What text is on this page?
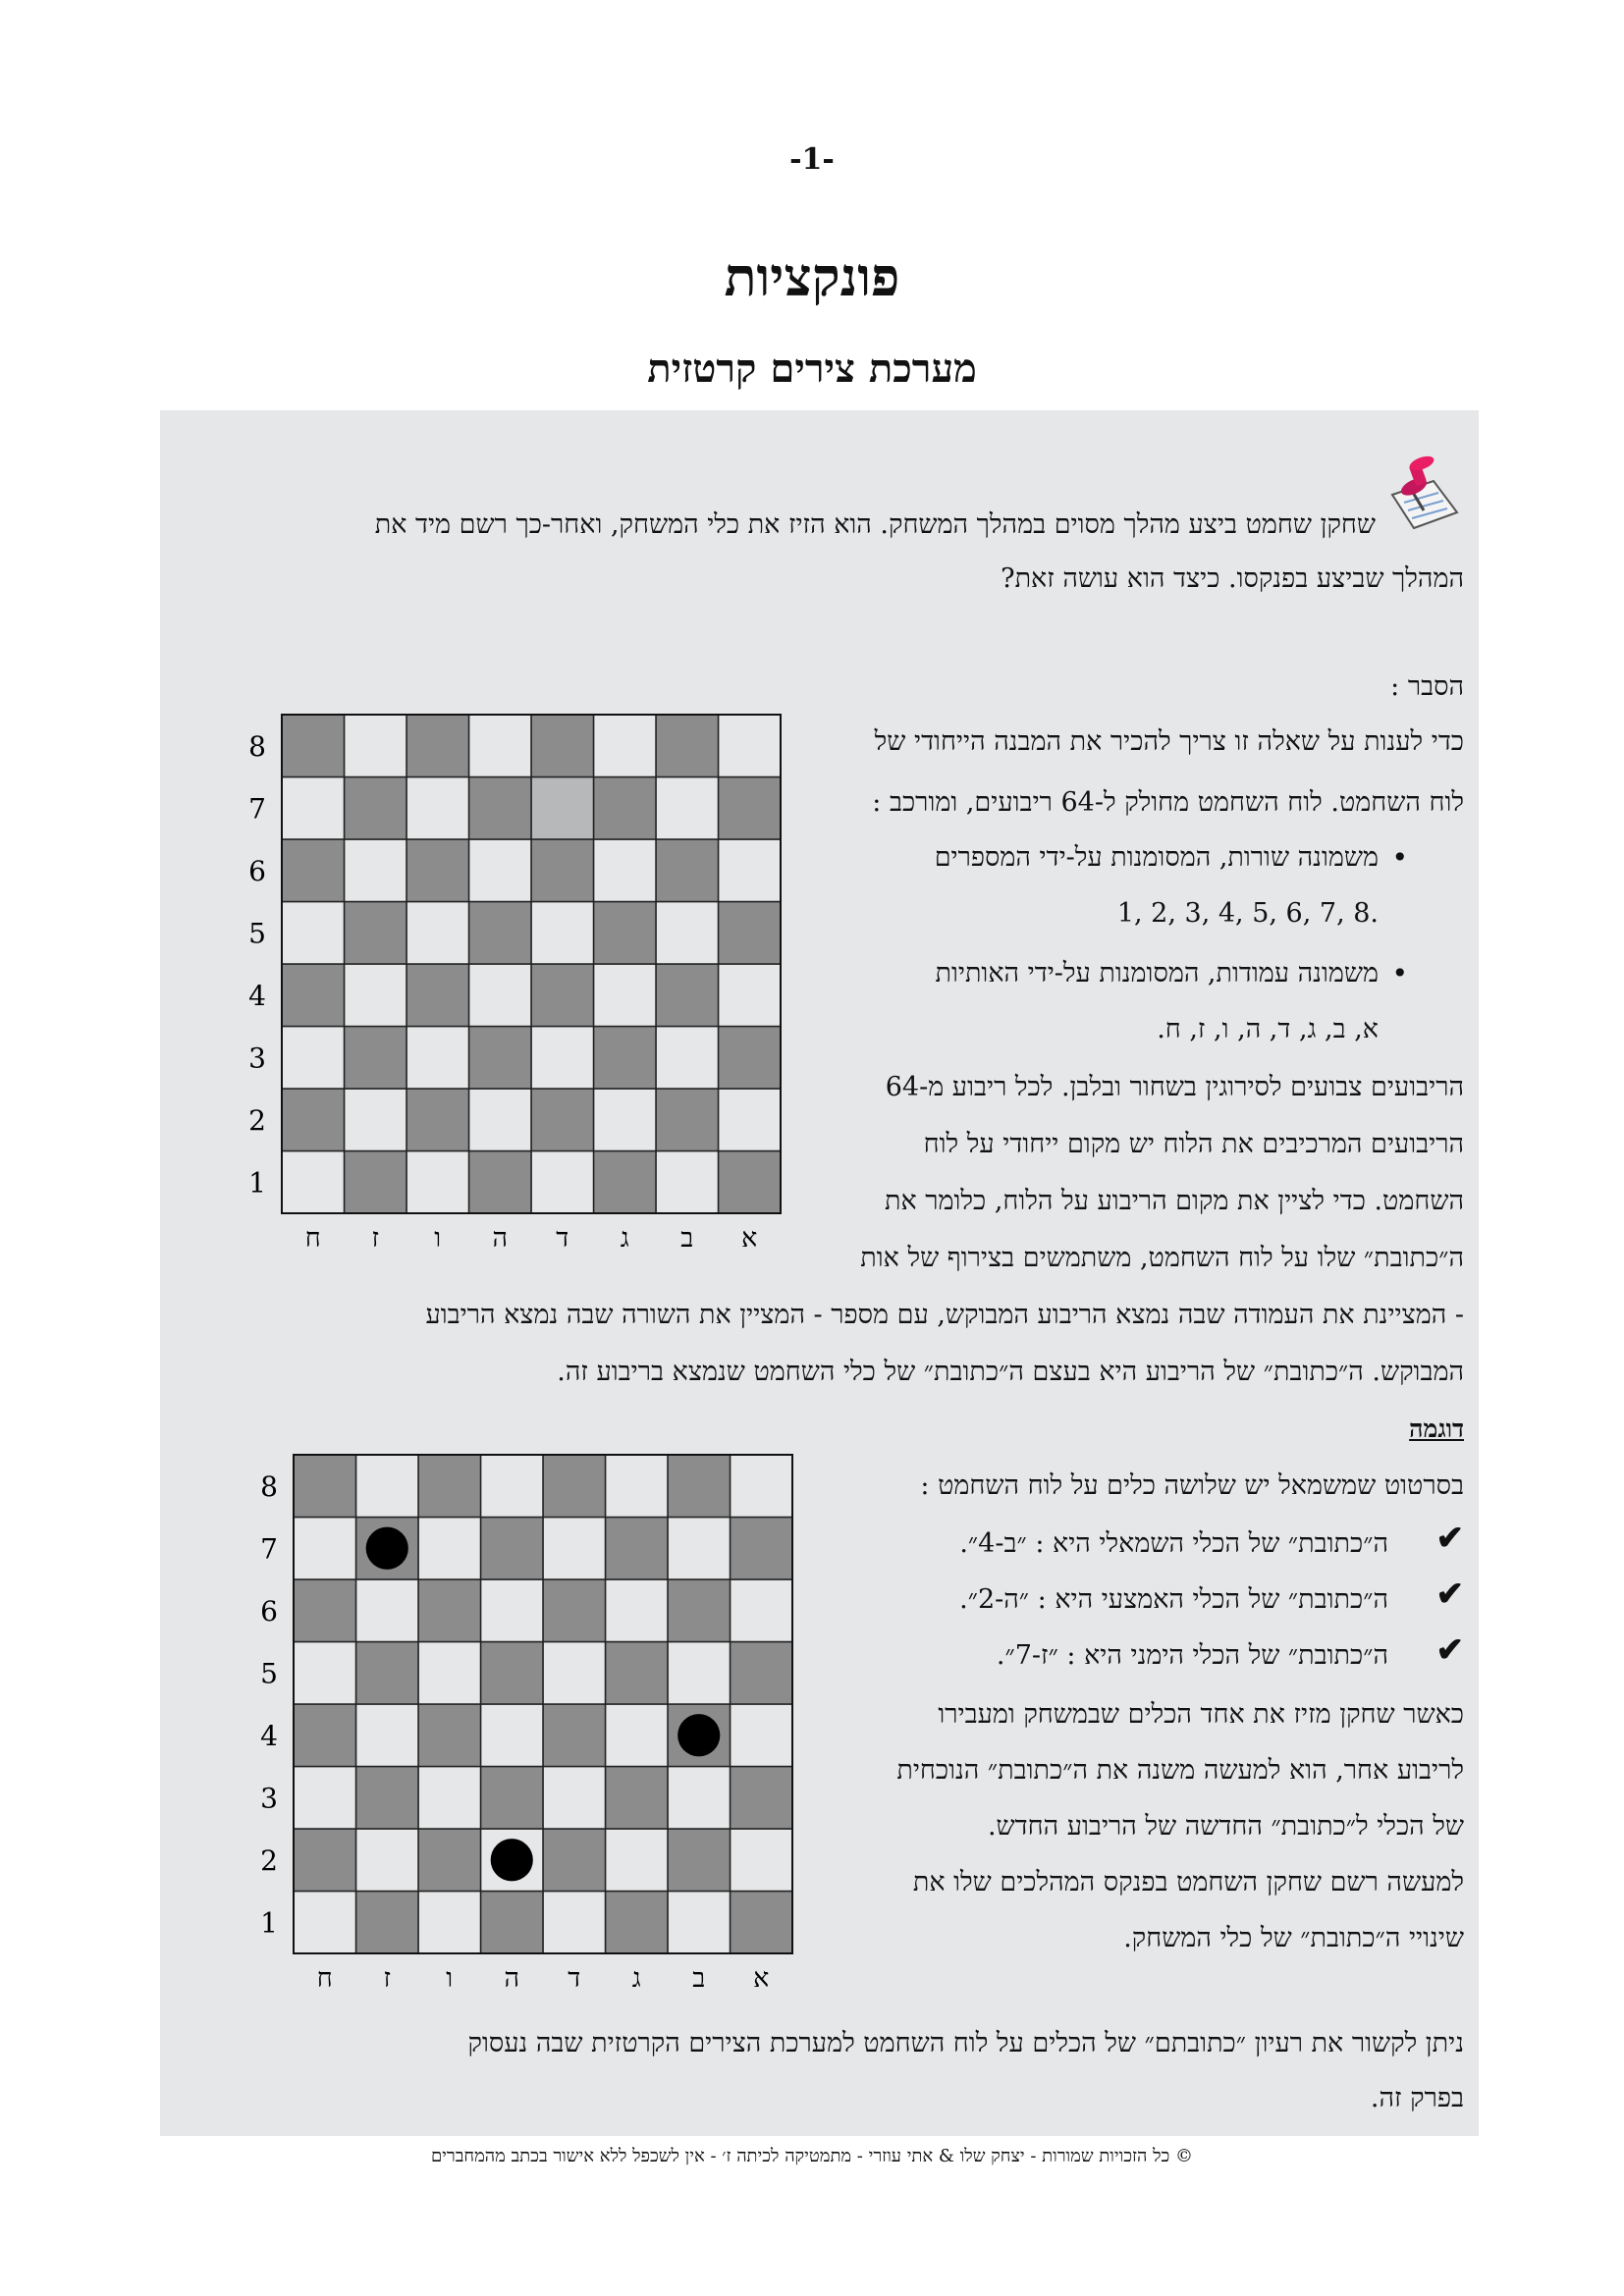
-1-
פונקציות
מערכת צירים קרטזית
שחקן שחמט ביצע מהלך מסוים במהלך המשחק. הוא הזיז את כלי המשחק, ואחר-כך רשם מיד את
המהלך שביצע בפנקסו. כיצד הוא עושה זאת?
הסבר :
כדי לענות על שאלה זו צריך להכיר את המבנה הייחודי של
לוח השחמט. לוח השחמט מחולק ל-64 ריבועים, ומורכב :
•
משמונה שורות, המסומנות על-ידי המספרים
1, 2, 3, 4, 5, 6, 7, 8.
•
משמונה עמודות, המסומנות על-ידי האותיות
א, ב, ג, ד, ה, ו, ז, ח.
הריבועים צבועים לסירוגין בשחור ובלבן. לכל ריבוע מ-64
הריבועים המרכיבים את הלוח יש מקום ייחודי על לוח
השחמט. כדי לציין את מקום הריבוע על הלוח, כלומר את
ה״כתובת״ שלו על לוח השחמט, משתמשים בצירוף של אות
- המציינת את העמודה שבה נמצא הריבוע המבוקש, עם מספר - המציין את השורה שבה נמצא הריבוע
המבוקש. ה״כתובת״ של הריבוע היא בעצם ה״כתובת״ של כלי השחמט שנמצא בריבוע זה.
דוגמה
בסרטוט שמשמאל יש שלושה כלים על לוח השחמט :
✔
ה״כתובת״ של הכלי השמאלי היא : ״ב-4״.
✔
ה״כתובת״ של הכלי האמצעי היא : ״ה-2״.
✔
ה״כתובת״ של הכלי הימני היא : ״ז-7״.
כאשר שחקן מזיז את אחד הכלים שבמשחק ומעבירו
לריבוע אחר, הוא למעשה משנה את ה״כתובת״ הנוכחית
של הכלי ל״כתובת״ החדשה של הריבוע החדש.
למעשה רשם שחקן השחמט בפנקס המהלכים שלו את
שינויי ה״כתובת״ של כלי המשחק.
ניתן לקשור את רעיון ״כתובתם״ של הכלים על לוח השחמט למערכת הצירים הקרטזית שבה נעסוק
בפרק זה.
1
2
3
4
5
6
7
8
א
ב
ג
ד
ה
ו
ז
ח
1
2
3
4
5
6
7
8
א
ב
ג
ד
ה
ו
ז
ח
© כל הזכויות שמורות - יצחק שלו & אתי עוזרי - מתמטיקה לכיתה ז׳ - אין לשכפל ללא אישור בכתב מהמחברים
